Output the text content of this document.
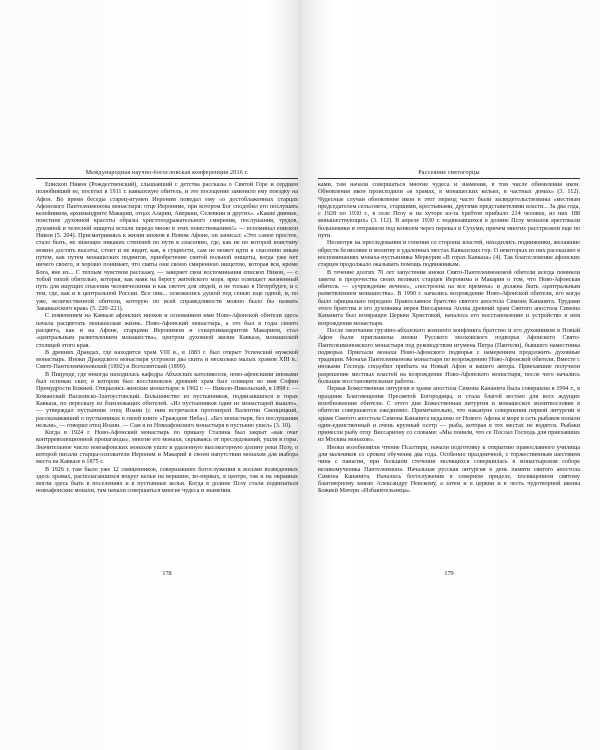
Международная научно-богословская конференция 2016 г.

Епископ Никон (Рождественский), слышавший с детства рассказы о Святой Горе и сердцем полюбивший ее, посетил в 1911 г. кавказскую обитель, и это посещение заменило ему поездку на Афон. Во время беседы старец-игумен Иероним поведал ему «о достоблаженных старцах Афонского Пантелеимонова монастыря: отце Иерониме, при котором Бог сподобил его послушать келейником, архимандрите Макарии, отцах Азарии, Аверкии, Селевкии и других». «Какие дивные, поистине духовной красоты образы христоподражательного смирения, послушания, трудов, духовной и телесной нищеты встали передо мною в этих повествованиях!» — вспоминал епископ Никон (5. 204). Присматриваясь к жизни иноков в Новом Афоне, он записал: «Это самое простое, стало быть, не знающее никаких степеней по пути к спасению, где, как не по которой воистину можно достать высоты, стоит и не видит, как, в сущности, сам не может идти к спасению иным путем, как путем монашеских подвигов, приобретение святой вольной нищеты, когда уже нет ничего своего, и хорошо понимает, что святы они своею смиренною нищетою, которая вся, кроме Бога, вне их... С теплым чувством расскажу, — заверяет свои воспоминания епископ Никон, — с тобой тихой обителью, которая, как маяк на берегу житейского моря, ярко освещает жизненный путь для ищущих спасения человеческими и как светоч для людей, и не только в Петербурге, и с тем, где, как и в центральной России. Все они... освежились душой под сенью еще одной, и, по уже, величественной обители, которую по всей справедливости можно было бы назвать Закавказского края» (5. 220–221).

С появлением на Кавказе афонских иноков и основанием ими Ново-Афонской обители здесь начала расцветать монашеская жизнь. Ново-Афонский монастырь, а это был в годы своего расцвета, как и на Афоне, старцами Иеронимом и схиархимандритом Макарием, стал «центральным разветвлением монашества», центром духовной жизни Кавказа, монашеской столицей этого края.

В древних Драндах, где находится храм VIII в., в 1883 г. был открыт Успенский мужской монастырь. Иноки Драндского монастыря устроили два скита и несколько малых храмов XIII в.: Свято-Пантелеимоновский (1892) и Всехсвятский (1899).

В Пицунде, где некогда находилась кафедра Абхазских католикосов, ново-афонскими иноками был основан скит, в котором был восстановлен древний храм был освящен во имя Софии Премудрости Божией. Открылись женские монастыри: в 1902 г. — Николо-Никольский, в 1898 г. — Команский Василиско-Златоустовский. Большинство из пустынников, подвизавшихся в горах Кавказа, по пересказу из близлежащих обителей. «Из пустынников один из монастырей вышло», — утверждал пустынник отец Иоанн (с ним встречался протоиерей Валентин Свенцицкий, рассказывавший о пустынниках в своей книге «Граждане Неба»). «Без монастыря, без послушания нельзя», — говорил отец Иоанн. — Сам я из Новоафонского монастыря в пустыню ушел» (3. 10).

Когда в 1924 г. Ново-Афонский монастырь по приказу Сталина был закрыт «как очаг контрреволюционной пропаганды», многие его монахи, скрываясь от преследований, ушли в горы. Значительное число новоафонских монахов ушло в удаленную высокогорную долину реки Псоу, о которой писали старцы-основатели Иероним и Макарий в своем напутствии монахам для выбора места на Кавказе в 1875 г.

В 1926 г. там было уже 12 священников, совершавших богослужения в восьми возведенных здесь храмах, располагавшихся вокруг кельи на вершине, во-первых, в центре, так и на окраинах могли здесь быть в поселениях и в пустынные кельи. Когда в долине Псоу стали подвизаться новоафонские монахи, там начали совершаться многие чудеса и знамения.

178
Рассеяние святогорцы

ками, там начали совершаться многие чудеса и знамения, в том числе обновления икон. Обновления икон происходили «в храмах, в монашеских кельях, в частных домах» (3. 112). Чудесные случаи обновления икон в этот период часто были засвидетельствованы «местным председателем сельсовета, старшими, крестьянами, другими представителями власти... За два года, с 1928 по 1930 г., в селе Псоу и на хуторе из-за хребтов прибыло 214 человек, из них 188 монашествующих» (3. 112). В апреле 1930 г. подвизавшихся в долине Псоу монахов арестовали большевики и отправили под конвоем через перевал в Сухуми, причем многих расстреляли еще по пути.

Несмотря на преследования и гонения со стороны властей, находились подвижники, желавшие обрести безмолвие и молитву в удаленных местах Кавказских гор. О некоторых из них рассказано в воспоминаниях монаха-пустынника Меркурия «В горах Кавказа» (4). Так благословение афонских старцев продолжало оказывать помощь подвижникам.

В течение долгих 70 лет запустения иноки Свято-Пантелеимоновой обители всегда помнили заветы и пророчества своих великих старцев Иеронима и Макария о том, что Ново-Афонская обитель — «учреждение вечное», «построена на все времена» и должна быть «центральным разветвлением монашества». В 1990 г. начались возрождение Ново-Афонской обители, его когда было официально передано Православное братство святого апостола Симона Кананита. Трудами этого братства и его духовника иерея Виссариона Аплиа древний храм Святого апостола Симона Кананита был возвращен Церкви Христовой, началось его восстановление и устройство в нем возрождения монастыря.

После окончания грузино-абхазского военного конфликта братство и его духовником в Новый Афон были приглашены иноки Русского московского подворья Афонского Свято-Пантелеимоновского монастыря под руководством игумена Петра (Пантели), бывшего наместника подворья. Приехали монахи Ново-Афонского подворья с намерением продолжить духовные традиции. Монахи Пантелеимонова монастыря по возрождению Ново-Афонской обители. Вместе с иноками Господь сподобил прибыть на Новый Афон и вашего автора. Приехавшие получили разрешение местных властей на возрождение Ново-Афонского монастыря, после чего начались большие восстановительные работы.

Первая Божественная литургия в храме апостола Симона Кананита была совершена в 1994 г., в праздник Благовещения Пресвятой Богородицы, и стала благой вестью для всех ждущих возобновления обители. С этого дня Божественная литургия и монашеское молитвословие в обители совершаются ежедневно. Примечательно, что накануне совершения первой литургии в храме Святого апостола Симона Кананита недалеко от Нового Афона в море в сеть рыбаков попали один-единственный и очень крупный осетр — рыба, которая в тех местах не водится. Рыбаки принесли рыбу отцу Виссариону со словами: «Мы поняли, что се Послал Господь для приехавших из Москвы монахов».

Иноки возобновили чтение Псалтири, начали подготовку к открытию православного училища для мальчиков со сроком обучения два года. Особенно праздничной, с торжественным шествием чина с панагии, при большом стечении молящихся совершилась в монастырском соборе великомученика Пантелеимона. Начальная русская литургия в день памяти святого апостола Симона Кананита. Начались богослужения в северном приделе, посвященном святому благоверному князю Александру Невскому, а затем и в церкви и в честь чудотворной иконы Божией Матери «Избавительница».

179
